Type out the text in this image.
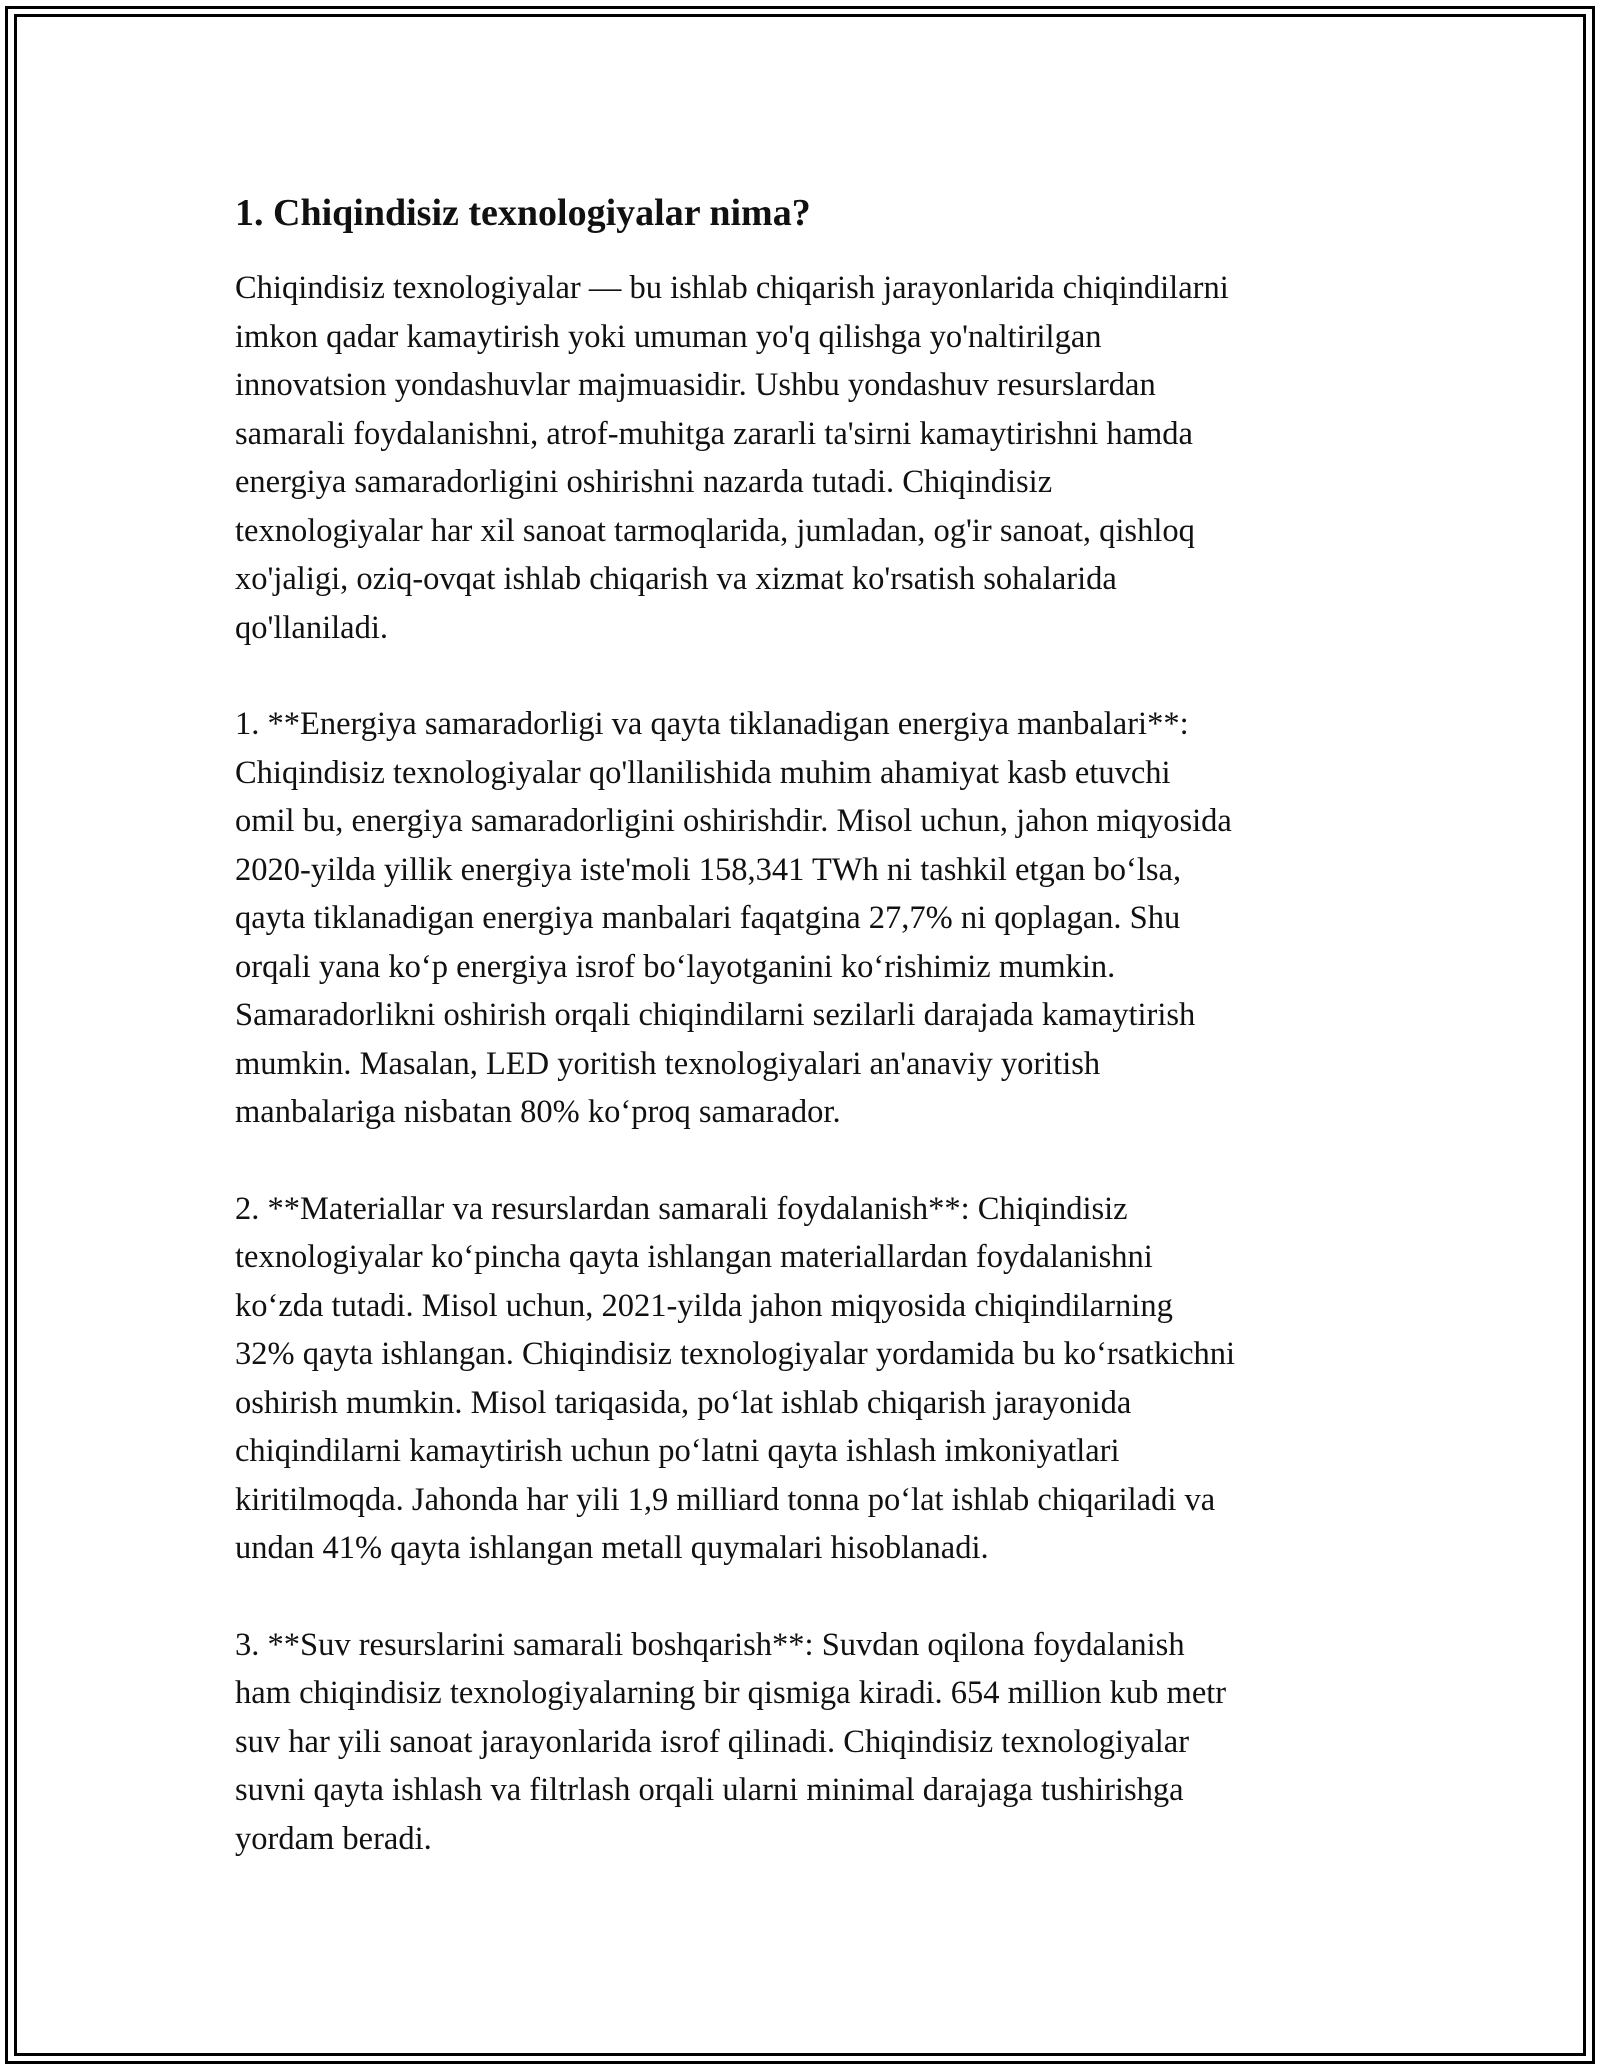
1. Chiqindisiz texnologiyalar nima?

Chiqindisiz texnologiyalar — bu ishlab chiqarish jarayonlarida chiqindilarni
imkon qadar kamaytirish yoki umuman yo'q qilishga yo'naltirilgan
innovatsion yondashuvlar majmuasidir. Ushbu yondashuv resurslardan
samarali foydalanishni, atrof-muhitga zararli ta'sirni kamaytirishni hamda
energiya samaradorligini oshirishni nazarda tutadi. Chiqindisiz
texnologiyalar har xil sanoat tarmoqlarida, jumladan, og'ir sanoat, qishloq
xo'jaligi, oziq-ovqat ishlab chiqarish va xizmat ko'rsatish sohalarida
qo'llaniladi.

1. **Energiya samaradorligi va qayta tiklanadigan energiya manbalari**:
Chiqindisiz texnologiyalar qo'llanilishida muhim ahamiyat kasb etuvchi
omil bu, energiya samaradorligini oshirishdir. Misol uchun, jahon miqyosida
2020-yilda yillik energiya iste'moli 158,341 TWh ni tashkil etgan bo‘lsa,
qayta tiklanadigan energiya manbalari faqatgina 27,7% ni qoplagan. Shu
orqali yana ko‘p energiya isrof bo‘layotganini ko‘rishimiz mumkin.
Samaradorlikni oshirish orqali chiqindilarni sezilarli darajada kamaytirish
mumkin. Masalan, LED yoritish texnologiyalari an'anaviy yoritish
manbalariga nisbatan 80% ko‘proq samarador.

2. **Materiallar va resurslardan samarali foydalanish**: Chiqindisiz
texnologiyalar ko‘pincha qayta ishlangan materiallardan foydalanishni
ko‘zda tutadi. Misol uchun, 2021-yilda jahon miqyosida chiqindilarning
32% qayta ishlangan. Chiqindisiz texnologiyalar yordamida bu ko‘rsatkichni
oshirish mumkin. Misol tariqasida, po‘lat ishlab chiqarish jarayonida
chiqindilarni kamaytirish uchun po‘latni qayta ishlash imkoniyatlari
kiritilmoqda. Jahonda har yili 1,9 milliard tonna po‘lat ishlab chiqariladi va
undan 41% qayta ishlangan metall quymalari hisoblanadi.

3. **Suv resurslarini samarali boshqarish**: Suvdan oqilona foydalanish
ham chiqindisiz texnologiyalarning bir qismiga kiradi. 654 million kub metr
suv har yili sanoat jarayonlarida isrof qilinadi. Chiqindisiz texnologiyalar
suvni qayta ishlash va filtrlash orqali ularni minimal darajaga tushirishga
yordam beradi.
